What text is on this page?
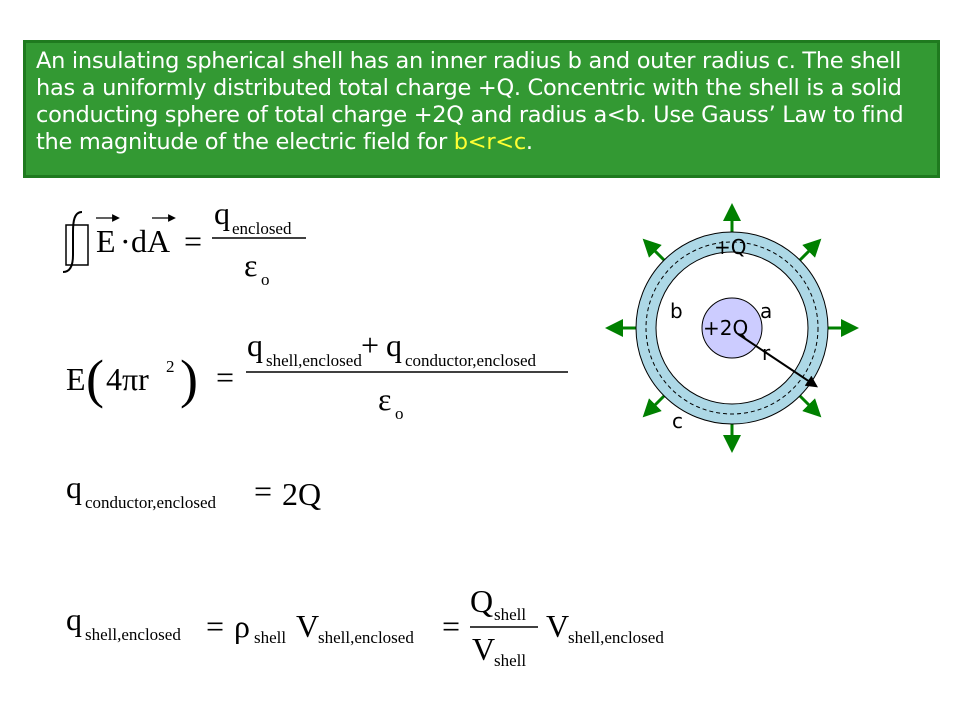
An insulating spherical shell has an inner radius b and outer radius c. The shell has a uniformly distributed total charge +Q. Concentric with the shell is a solid conducting sphere of total charge +2Q and radius a<b. Use Gauss’ Law to find the magnitude of the electric field for b<r<c.
E · dA =
q enclosed
ε o
E ( 4πr 2 ) =
q shell,enclosed + q conductor,enclosed
ε o
q conductor,enclosed = 2Q
q shell,enclosed = ρ shell V
shell,enclosed =
Q shell
V
shell
V
shell,enclosed
+Q
+2Q
b	a
r
c
